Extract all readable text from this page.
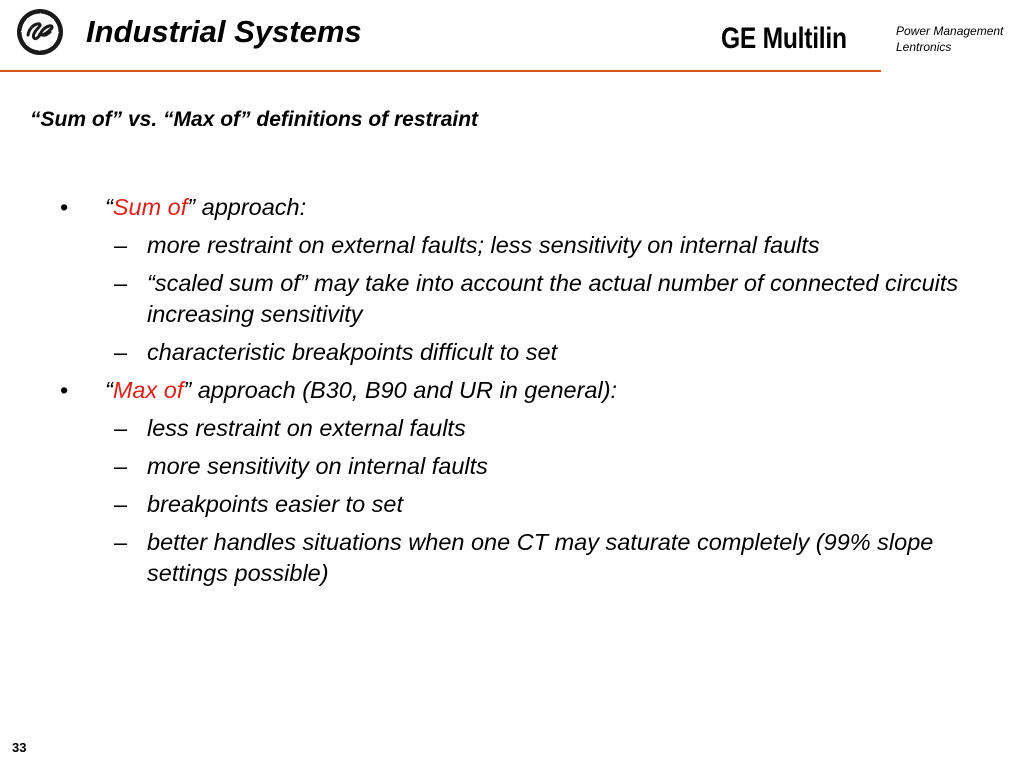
Industrial Systems	GE Multilin	Power Management
Lentronics
“Sum of” vs. “Max of” definitions of restraint
• “Sum of” approach:
– more restraint on external faults; less sensitivity on internal faults
– “scaled sum of” may take into account the actual number of connected circuits increasing sensitivity
– characteristic breakpoints difficult to set
• “Max of” approach (B30, B90 and UR in general):
– less restraint on external faults
– more sensitivity on internal faults
– breakpoints easier to set
– better handles situations when one CT may saturate completely (99% slope settings possible)
33
